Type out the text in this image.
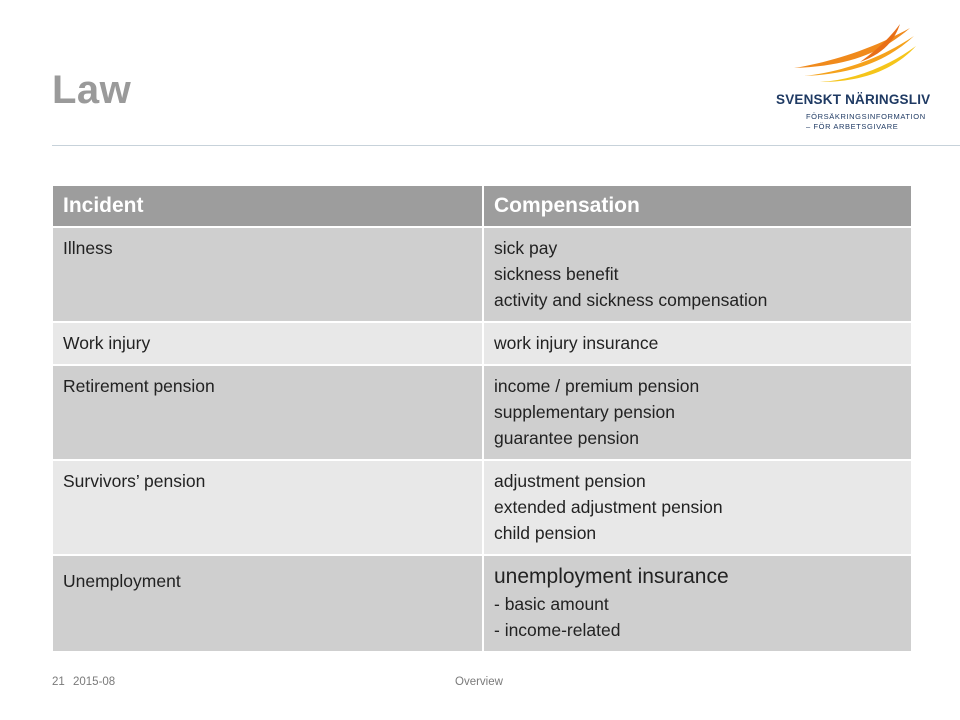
Law	SVENSKT NÄRINGSLIV
FÖRSÄKRINGSINFORMATION
– FÖR ARBETSGIVARE
Incident	Compensation
Illness	sick pay
sickness benefit
activity and sickness compensation

Work injury	work injury insurance

Retirement pension	income / premium pension
supplementary pension
guarantee pension

Survivors’ pension	adjustment pension
extended adjustment pension
child pension

Unemployment	unemployment insurance
- basic amount
- income-related
21 2015-08	Overview
